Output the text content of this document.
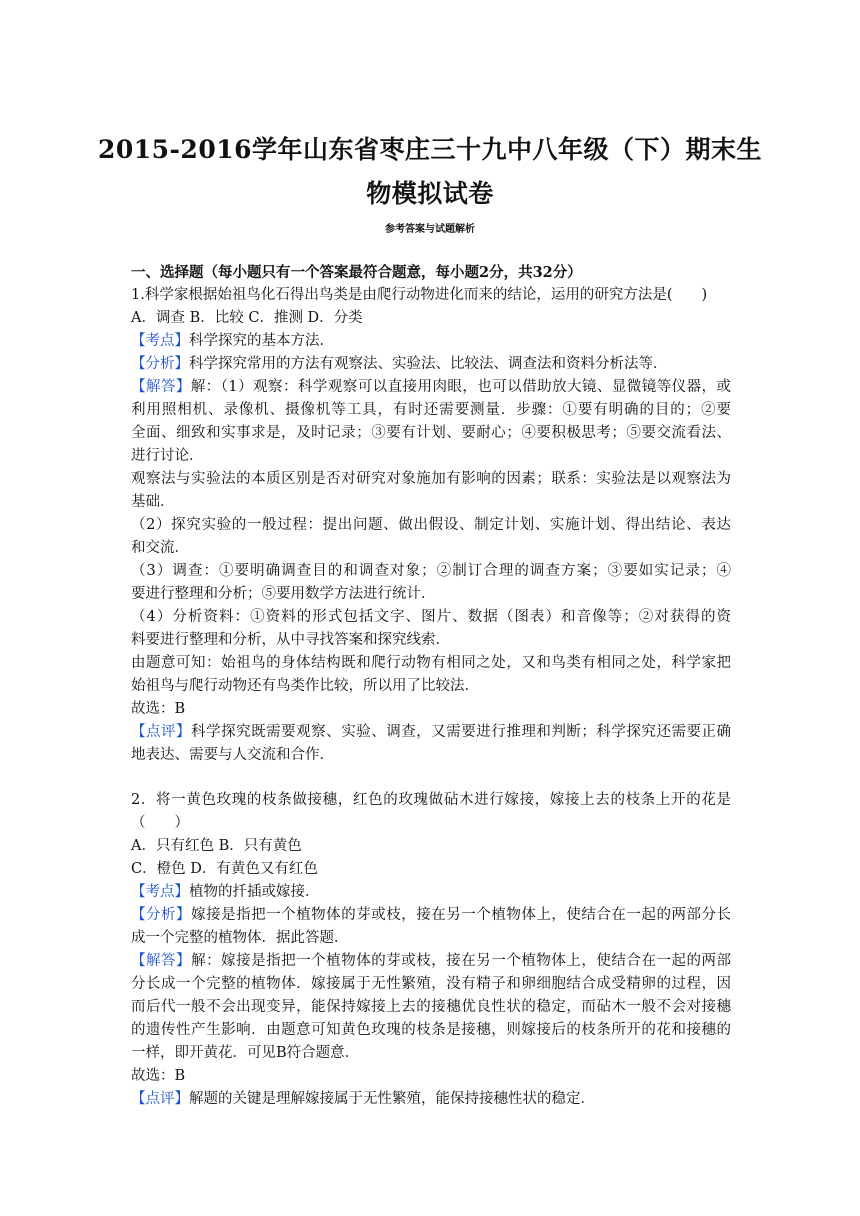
2015-2016学年山东省枣庄三十九中八年级（下）期末生
物模拟试卷
参考答案与试题解析
一、选择题（每小题只有一个答案最符合题意，每小题2分，共32分）
1.科学家根据始祖鸟化石得出鸟类是由爬行动物进化而来的结论，运用的研究方法是(　　)
A．调查 B．比较 C．推测 D．分类
【考点】科学探究的基本方法．
【分析】科学探究常用的方法有观察法、实验法、比较法、调查法和资料分析法等．
【解答】解：（1）观察：科学观察可以直接用肉眼，也可以借助放大镜、显微镜等仪器，或
利用照相机、录像机、摄像机等工具，有时还需要测量．步骤：①要有明确的目的；②要
全面、细致和实事求是，及时记录；③要有计划、要耐心；④要积极思考；⑤要交流看法、
进行讨论．
观察法与实验法的本质区别是否对研究对象施加有影响的因素；联系：实验法是以观察法为
基础．
（2）探究实验的一般过程：提出问题、做出假设、制定计划、实施计划、得出结论、表达
和交流．
（3）调查：①要明确调查目的和调查对象；②制订合理的调查方案；③要如实记录；④
要进行整理和分析；⑤要用数学方法进行统计．
（4）分析资料：①资料的形式包括文字、图片、数据（图表）和音像等；②对获得的资
料要进行整理和分析，从中寻找答案和探究线索．
由题意可知：始祖鸟的身体结构既和爬行动物有相同之处，又和鸟类有相同之处，科学家把
始祖鸟与爬行动物还有鸟类作比较，所以用了比较法．
故选：B
【点评】科学探究既需要观察、实验、调查，又需要进行推理和判断；科学探究还需要正确
地表达、需要与人交流和合作．
2．将一黄色玫瑰的枝条做接穗，红色的玫瑰做砧木进行嫁接，嫁接上去的枝条上开的花是
（　　）
A．只有红色 B．只有黄色
C．橙色 D．有黄色又有红色
【考点】植物的扦插或嫁接．
【分析】嫁接是指把一个植物体的芽或枝，接在另一个植物体上，使结合在一起的两部分长
成一个完整的植物体．据此答题．
【解答】解：嫁接是指把一个植物体的芽或枝，接在另一个植物体上，使结合在一起的两部
分长成一个完整的植物体．嫁接属于无性繁殖，没有精子和卵细胞结合成受精卵的过程，因
而后代一般不会出现变异，能保持嫁接上去的接穗优良性状的稳定，而砧木一般不会对接穗
的遗传性产生影响．由题意可知黄色玫瑰的枝条是接穗，则嫁接后的枝条所开的花和接穗的
一样，即开黄花．可见B符合题意．
故选：B
【点评】解题的关键是理解嫁接属于无性繁殖，能保持接穗性状的稳定．
